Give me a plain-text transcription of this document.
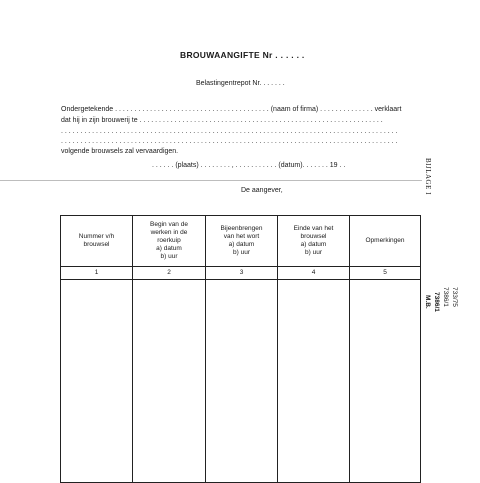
BROUWAANGIFTE Nr . . . . . .
Belastingentrepot Nr. . . . . . .
Ondergetekende . . . . . . . . . . . . . . . . . . . . . . . . . . . . . . . . . . . . . . . . (naam of firma) . . . . . . . . . . . . . . verklaart
dat hij in zijn brouwerij te . . . . . . . . . . . . . . . . . . . . . . . . . . . . . . . . . . . . . . . . . . . . . . . . . . . . . . . . . . . . . . .
. . . . . . . . . . . . . . . . . . . . . . . . . . . . . . . . . . . . . . . . . . . . . . . . . . . . . . . . . . . . . . . . . . . . . . . . . . . . . . . . . . . . . . .
. . . . . . . . . . . . . . . . . . . . . . . . . . . . . . . . . . . . . . . . . . . . . . . . . . . . . . . . . . . . . . . . . . . . . . . . . . . . . . . . . . . . . . .
volgende brouwsels zal vervaardigen.
. . . . . . (plaats) . . . . . . . . , . . . . . . . . . . . (datum). . . . . . . 19 . .	BIJLAGE I
De aangever,
733/75
7386/1
7386/1
M.B.
Nummer v/h
brouwsel	Begin van de
werken in de
roerkuip
a) datum
b) uur	Bijeenbrengen
van het wort
a) datum
b) uur	Einde van het
brouwsel
a) datum
b) uur	Opmerkingen
1	2	3	4	5
